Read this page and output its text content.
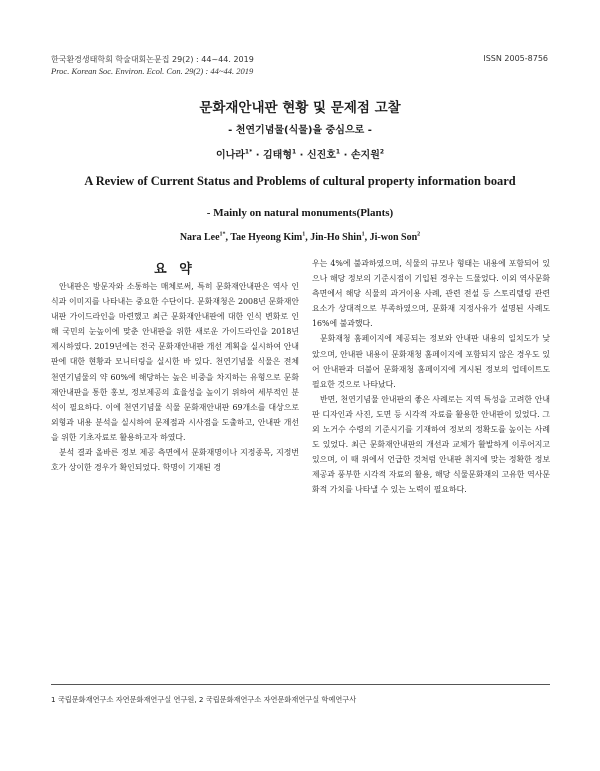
한국환경생태학회 학술대회논문집 29(2) : 44~44. 2019
Proc. Korean Soc. Environ. Ecol. Con. 29(2) : 44~44. 2019
ISSN 2005-8756
문화재안내판 현황 및 문제점 고찰
- 천연기념물(식물)을 중심으로 -
이나라$^{1*}$ · 김태형$^1$ · 신진호$^1$ · 손지원$^2$
A Review of Current Status and Problems of cultural property information board
- Mainly on natural monuments(Plants)
Nara Lee$^{1*}$, Tae Hyeong Kim$^1$, Jin-Ho Shin$^1$, Ji-won Son$^2$
요 약

안내판은 방문자와 소통하는 매체로써, 특히 문화재안내판은 역사 인식과 이미지를 나타내는 중요한 수단이다. 문화재청은 2008년 문화재안내판 가이드라인을 마련했고 최근 문화재안내판에 대한 인식 변화로 인해 국민의 눈높이에 맞춘 안내판을 위한 새로운 가이드라인을 2018년 제시하였다. 2019년에는 전국 문화재안내판 개선 계획을 실시하여 안내판에 대한 현황과 모니터링을 실시한 바 있다. 천연기념물 식물은 전체 천연기념물의 약 60%에 해당하는 높은 비중을 차지하는 유형으로 문화재안내판을 통한 홍보, 정보제공의 효율성을 높이기 위하여 세부적인 분석이 필요하다. 이에 천연기념물 식물 문화재안내판 69개소를 대상으로 외형과 내용 분석을 실시하여 문제점과 시사점을 도출하고, 안내판 개선을 위한 기초자료로 활용하고자 하였다.

분석 결과 올바른 정보 제공 측면에서 문화재명이나 지정종목, 지정번호가 상이한 경우가 확인되었다. 학명이 기재된 경

우는 4%에 불과하였으며, 식물의 규모나 형태는 내용에 포함되어 있으나 해당 정보의 기준시점이 기입된 경우는 드물었다. 이외 역사문화 측면에서 해당 식물의 과거이용 사례, 관련 전설 등 스토리텔링 관련 요소가 상대적으로 부족하였으며, 문화재 지정사유가 설명된 사례도 16%에 불과했다.

문화재청 홈페이지에 제공되는 정보와 안내판 내용의 일치도가 낮았으며, 안내판 내용이 문화재청 홈페이지에 포함되지 않은 경우도 있어 안내판과 더불어 문화재청 홈페이지에 게시된 정보의 업데이트도 필요한 것으로 나타났다.

반면, 천연기념물 안내판의 좋은 사례로는 지역 특성을 고려한 안내판 디자인과 사진, 도면 등 시각적 자료를 활용한 안내판이 있었다. 그 외 노거수 수령의 기준시기를 기재하여 정보의 정확도를 높이는 사례도 있었다. 최근 문화재안내판의 개선과 교체가 활발하게 이루어지고 있으며, 이 때 위에서 언급한 것처럼 안내판 취지에 맞는 정확한 정보 제공과 풍부한 시각적 자료의 활용, 해당 식물문화재의 고유한 역사문화적 가치를 나타낼 수 있는 노력이 필요하다.

1 국립문화재연구소 자연문화재연구실 연구원, 2 국립문화재연구소 자연문화재연구실 학예연구사
